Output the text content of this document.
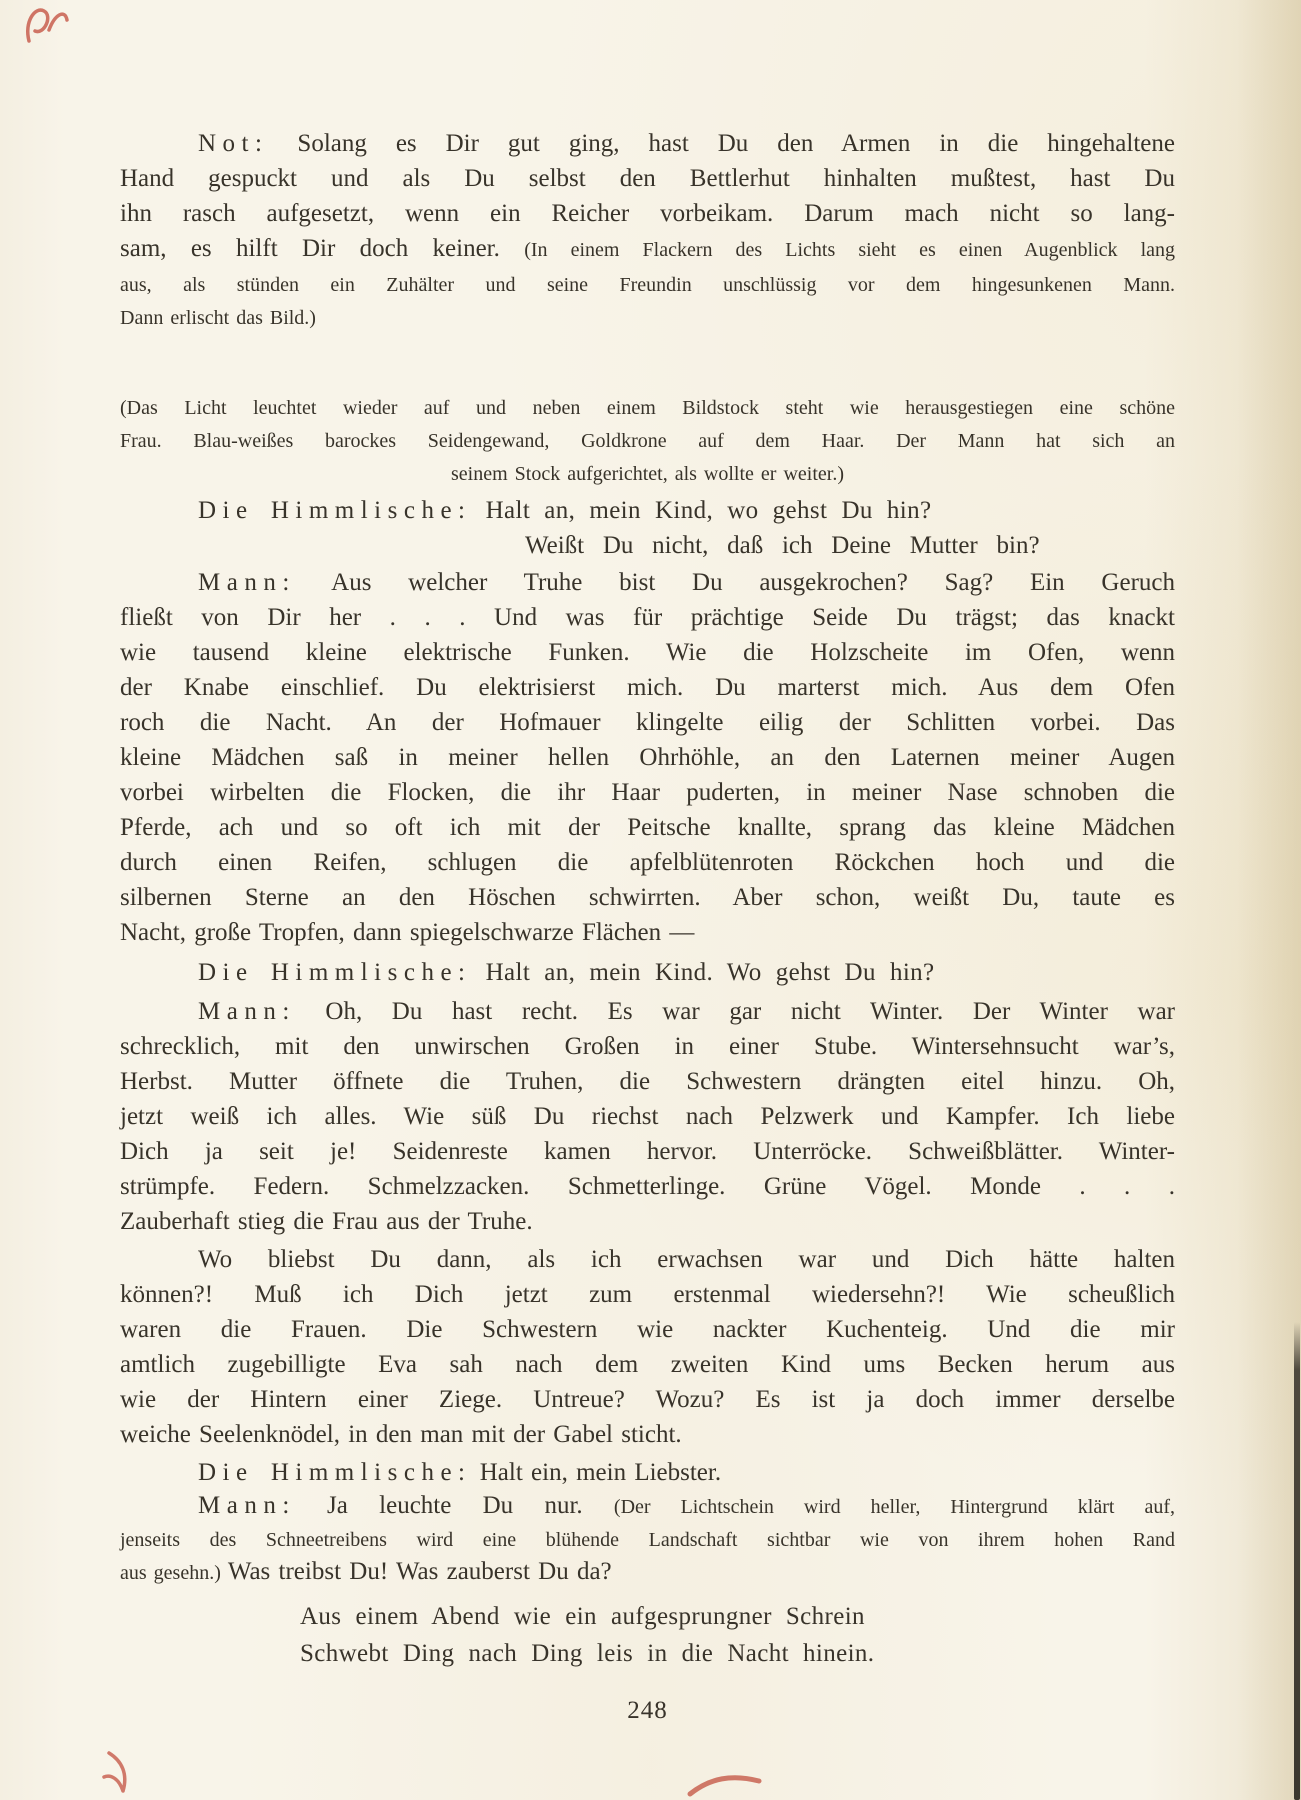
Not: Solang es Dir gut ging, hast Du den Armen in die hingehaltene
Hand gespuckt und als Du selbst den Bettlerhut hinhalten mußtest, hast Du
ihn rasch aufgesetzt, wenn ein Reicher vorbeikam. Darum mach nicht so lang-
sam, es hilft Dir doch keiner. (In einem Flackern des Lichts sieht es einen Augenblick lang
aus, als stünden ein Zuhälter und seine Freundin unschlüssig vor dem hingesunkenen Mann.
Dann erlischt das Bild.)
(Das Licht leuchtet wieder auf und neben einem Bildstock steht wie herausgestiegen eine schöne
Frau. Blau-weißes barockes Seidengewand, Goldkrone auf dem Haar. Der Mann hat sich an
seinem Stock aufgerichtet, als wollte er weiter.)
Die Himmlische: Halt an, mein Kind, wo gehst Du hin?
Weißt Du nicht, daß ich Deine Mutter bin?
Mann: Aus welcher Truhe bist Du ausgekrochen? Sag? Ein Geruch
fließt von Dir her . . . Und was für prächtige Seide Du trägst; das knackt
wie tausend kleine elektrische Funken. Wie die Holzscheite im Ofen, wenn
der Knabe einschlief. Du elektrisierst mich. Du marterst mich. Aus dem Ofen
roch die Nacht. An der Hofmauer klingelte eilig der Schlitten vorbei. Das
kleine Mädchen saß in meiner hellen Ohrhöhle, an den Laternen meiner Augen
vorbei wirbelten die Flocken, die ihr Haar puderten, in meiner Nase schnoben die
Pferde, ach und so oft ich mit der Peitsche knallte, sprang das kleine Mädchen
durch einen Reifen, schlugen die apfelblütenroten Röckchen hoch und die
silbernen Sterne an den Höschen schwirrten. Aber schon, weißt Du, taute es
Nacht, große Tropfen, dann spiegelschwarze Flächen —
Die Himmlische: Halt an, mein Kind. Wo gehst Du hin?
Mann: Oh, Du hast recht. Es war gar nicht Winter. Der Winter war
schrecklich, mit den unwirschen Großen in einer Stube. Wintersehnsucht war’s,
Herbst. Mutter öffnete die Truhen, die Schwestern drängten eitel hinzu. Oh,
jetzt weiß ich alles. Wie süß Du riechst nach Pelzwerk und Kampfer. Ich liebe
Dich ja seit je! Seidenreste kamen hervor. Unterröcke. Schweißblätter. Winter-
strümpfe. Federn. Schmelzzacken. Schmetterlinge. Grüne Vögel. Monde . . .
Zauberhaft stieg die Frau aus der Truhe.
Wo bliebst Du dann, als ich erwachsen war und Dich hätte halten
können?! Muß ich Dich jetzt zum erstenmal wiedersehn?! Wie scheußlich
waren die Frauen. Die Schwestern wie nackter Kuchenteig. Und die mir
amtlich zugebilligte Eva sah nach dem zweiten Kind ums Becken herum aus
wie der Hintern einer Ziege. Untreue? Wozu? Es ist ja doch immer derselbe
weiche Seelenknödel, in den man mit der Gabel sticht.
Die Himmlische: Halt ein, mein Liebster.
Mann: Ja leuchte Du nur. (Der Lichtschein wird heller, Hintergrund klärt auf,
jenseits des Schneetreibens wird eine blühende Landschaft sichtbar wie von ihrem hohen Rand
aus gesehn.) Was treibst Du! Was zauberst Du da?
Aus einem Abend wie ein aufgesprungner Schrein
Schwebt Ding nach Ding leis in die Nacht hinein.
248
